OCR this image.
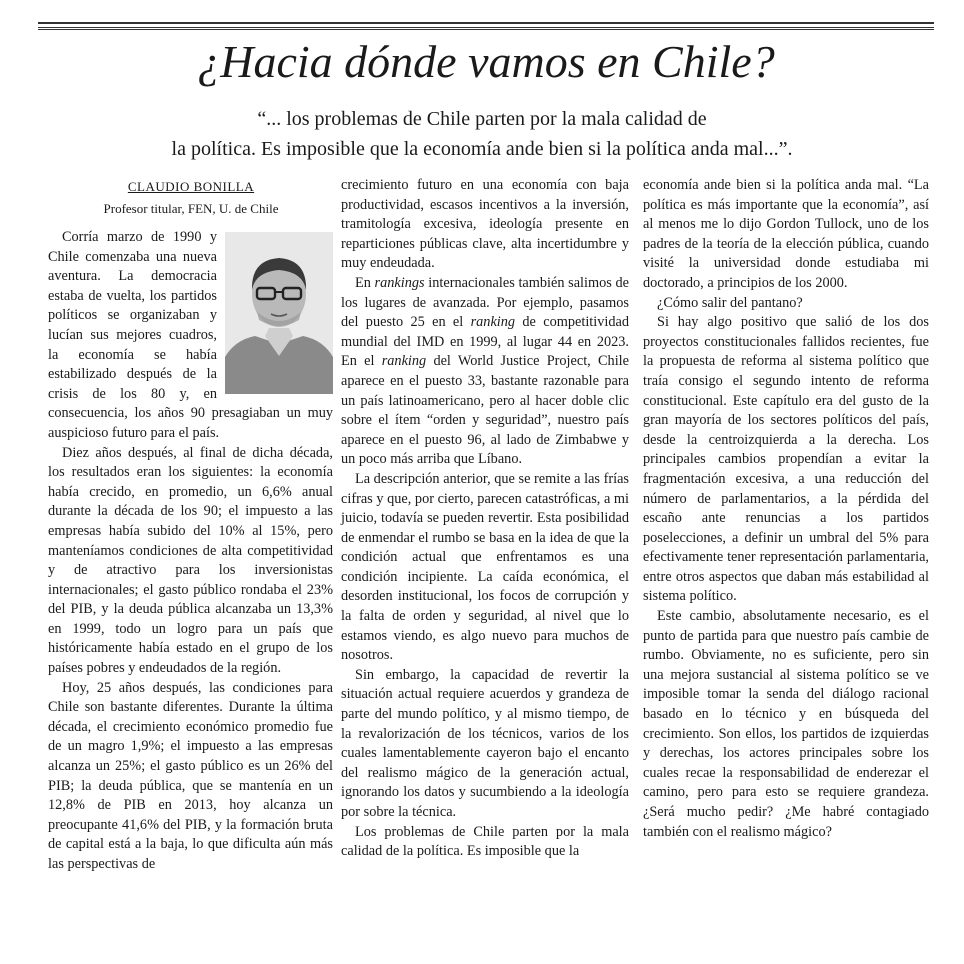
¿Hacia dónde vamos en Chile?
“... los problemas de Chile parten por la mala calidad de
la política. Es imposible que la economía ande bien si la política anda mal...”.
CLAUDIO BONILLA
Profesor titular, FEN, U. de Chile

Corría marzo de 1990 y Chile comenzaba una nueva aventura. La democracia estaba de vuelta, los partidos políticos se organizaban y lucían sus mejores cuadros, la economía se había estabilizado después de la crisis de los 80 y, en consecuencia, los años 90 presagiaban un muy auspicioso futuro para el país.

Diez años después, al final de dicha década, los resultados eran los siguientes: la economía había crecido, en promedio, un 6,6% anual durante la década de los 90; el impuesto a las empresas había subido del 10% al 15%, pero manteníamos condiciones de alta competitividad y de atractivo para los inversionistas internacionales; el gasto público rondaba el 23% del PIB, y la deuda pública alcanzaba un 13,3% en 1999, todo un logro para un país que históricamente había estado en el grupo de los países pobres y endeudados de la región.

Hoy, 25 años después, las condiciones para Chile son bastante diferentes. Durante la última década, el crecimiento económico promedio fue de un magro 1,9%; el impuesto a las empresas alcanza un 25%; el gasto público es un 26% del PIB; la deuda pública, que se mantenía en un 12,8% de PIB en 2013, hoy alcanza un preocupante 41,6% del PIB, y la formación bruta de capital está a la baja, lo que dificulta aún más las perspectivas de

crecimiento futuro en una economía con baja productividad, escasos incentivos a la inversión, tramitología excesiva, ideología presente en reparticiones públicas clave, alta incertidumbre y muy endeudada.

En rankings internacionales también salimos de los lugares de avanzada. Por ejemplo, pasamos del puesto 25 en el ranking de competitividad mundial del IMD en 1999, al lugar 44 en 2023. En el ranking del World Justice Project, Chile aparece en el puesto 33, bastante razonable para un país latinoamericano, pero al hacer doble clic sobre el ítem “orden y seguridad”, nuestro país aparece en el puesto 96, al lado de Zimbabwe y un poco más arriba que Líbano.

La descripción anterior, que se remite a las frías cifras y que, por cierto, parecen catastróficas, a mi juicio, todavía se pueden revertir. Esta posibilidad de enmendar el rumbo se basa en la idea de que la condición actual que enfrentamos es una condición incipiente. La caída económica, el desorden institucional, los focos de corrupción y la falta de orden y seguridad, al nivel que lo estamos viendo, es algo nuevo para muchos de nosotros.

Sin embargo, la capacidad de revertir la situación actual requiere acuerdos y grandeza de parte del mundo político, y al mismo tiempo, de la revalorización de los técnicos, varios de los cuales lamentablemente cayeron bajo el encanto del realismo mágico de la generación actual, ignorando los datos y sucumbiendo a la ideología por sobre la técnica.

Los problemas de Chile parten por la mala calidad de la política. Es imposible que la

economía ande bien si la política anda mal. “La política es más importante que la economía”, así al menos me lo dijo Gordon Tullock, uno de los padres de la teoría de la elección pública, cuando visité la universidad donde estudiaba mi doctorado, a principios de los 2000.

¿Cómo salir del pantano?

Si hay algo positivo que salió de los dos proyectos constitucionales fallidos recientes, fue la propuesta de reforma al sistema político que traía consigo el segundo intento de reforma constitucional. Este capítulo era del gusto de la gran mayoría de los sectores políticos del país, desde la centroizquierda a la derecha. Los principales cambios propendían a evitar la fragmentación excesiva, a una reducción del número de parlamentarios, a la pérdida del escaño ante renuncias a los partidos poselecciones, a definir un umbral del 5% para efectivamente tener representación parlamentaria, entre otros aspectos que daban más estabilidad al sistema político.

Este cambio, absolutamente necesario, es el punto de partida para que nuestro país cambie de rumbo. Obviamente, no es suficiente, pero sin una mejora sustancial al sistema político se ve imposible tomar la senda del diálogo racional basado en lo técnico y en búsqueda del crecimiento. Son ellos, los partidos de izquierdas y derechas, los actores principales sobre los cuales recae la responsabilidad de enderezar el camino, pero para esto se requiere grandeza. ¿Será mucho pedir? ¿Me habré contagiado también con el realismo mágico?
